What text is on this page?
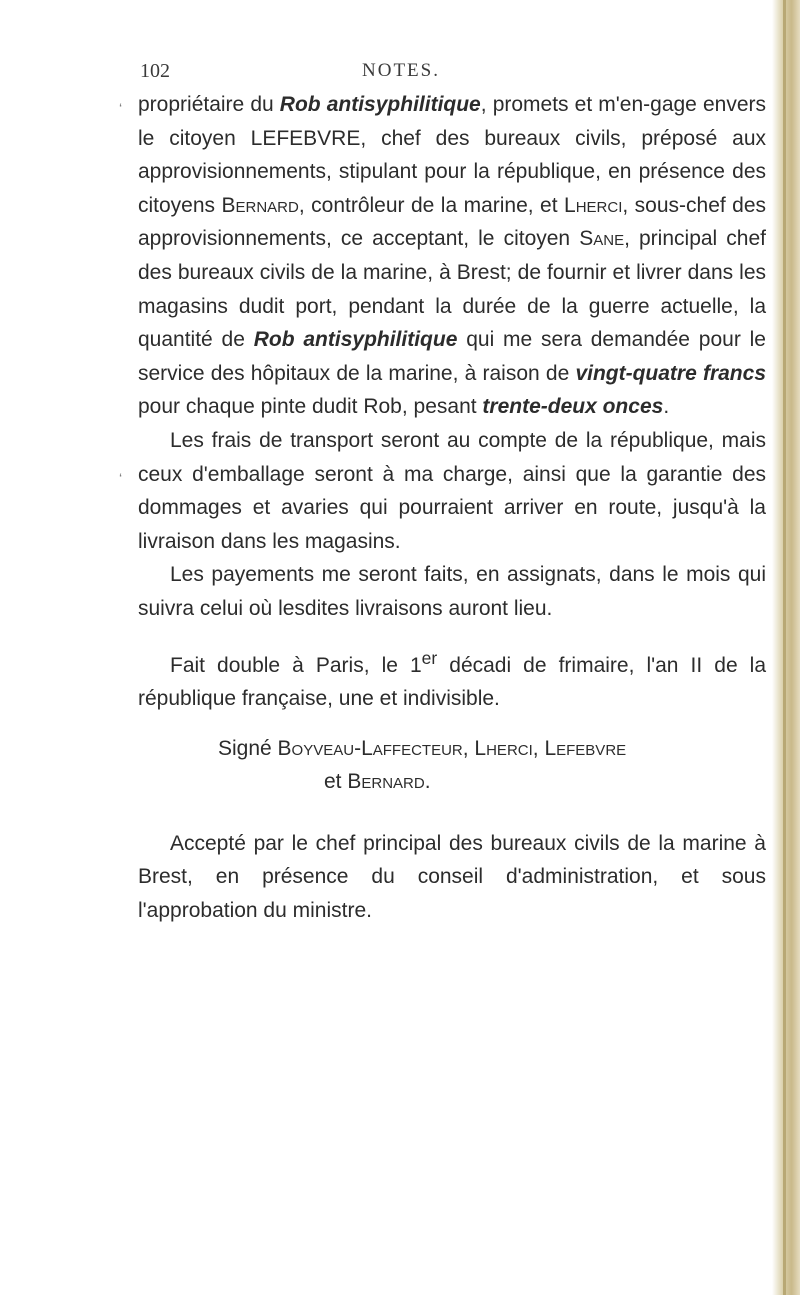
102	NOTES.
‘
‘

propriétaire du Rob antisyphilitique, promets et m'en-gage envers le citoyen LEFEBVRE, chef des bureaux civils, préposé aux approvisionnements, stipulant pour la république, en présence des citoyens Bernard, contrôleur de la marine, et Lherci, sous-chef des approvisionnements, ce acceptant, le citoyen Sane, principal chef des bureaux civils de la marine, à Brest; de fournir et livrer dans les magasins dudit port, pendant la durée de la guerre actuelle, la quantité de Rob antisyphilitique qui me sera demandée pour le service des hôpitaux de la marine, à raison de vingt-quatre francs pour chaque pinte dudit Rob, pesant trente-deux onces.

Les frais de transport seront au compte de la république, mais ceux d'emballage seront à ma charge, ainsi que la garantie des dommages et avaries qui pourraient arriver en route, jusqu'à la livraison dans les magasins.

Les payements me seront faits, en assignats, dans le mois qui suivra celui où lesdites livraisons auront lieu.

Fait double à Paris, le 1er décadi de frimaire, l'an II de la république française, une et indivisible.

Signé Boyveau-Laffecteur, Lherci, Lefebvre
et Bernard.

Accepté par le chef principal des bureaux civils de la marine à Brest, en présence du conseil d'administration, et sous l'approbation du ministre.
